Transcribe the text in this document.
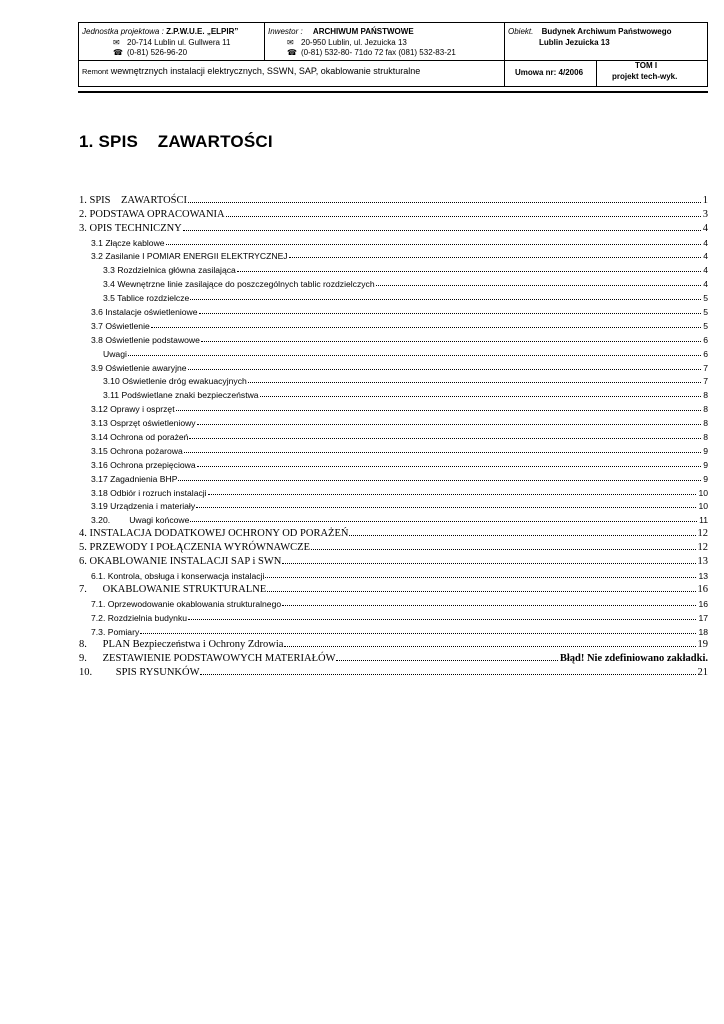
Jednostka projektowa : Z.P.W.U.E. „ELPIR”
✉ 20-714 Lublin ul. Gullwera 11
☎ (0-81) 526-96-20
Inwestor : ARCHIWUM PAŃSTWOWE
✉ 20-950 Lublin, ul. Jezuicka 13
☎ (0-81) 532-80- 71do 72 fax (081) 532-83-21
Obiekt. Budynek Archiwum Państwowego
Lublin Jezuicka 13
Remont wewnętrznych instalacji elektrycznych, SSWN, SAP, okablowanie strukturalne	Umowa nr: 4/2006
TOM I
projekt tech-wyk.
1. SPIS    ZAWARTOŚCI
1. SPIS    ZAWARTOŚCI	1
2. PODSTAWA OPRACOWANIA	3
3. OPIS TECHNICZNY	4
3.1 Złącze kablowe	4
3.2 Zasilanie I POMIAR ENERGII ELEKTRYCZNEJ	4
3.3 Rozdzielnica główna zasilająca	4
3.4 Wewnętrzne linie zasilające do poszczególnych tablic rozdzielczych	4
3.5 Tablice rozdzielcze	5
3.6 Instalacje oświetleniowe	5
3.7 Oświetlenie	5
3.8 Oświetlenie podstawowe	6
Uwagi	6
3.9 Oświetlenie awaryjne	7
3.10 Oświetlenie dróg ewakuacyjnych	7
3.11 Podświetlane znaki bezpieczeństwa	8
3.12 Oprawy i osprzęt	8
3.13 Osprzęt oświetleniowy	8
3.14 Ochrona od porażeń	8
3.15 Ochrona pożarowa	9
3.16 Ochrona przepięciowa	9
3.17 Zagadnienia BHP	9
3.18 Odbiór i rozruch instalacji	10
3.19 Urządzenia i materiały	10
3.20.        Uwagi końcowe	11
4. INSTALACJA DODATKOWEJ OCHRONY OD PORAŻEŃ	12
5. PRZEWODY I POŁĄCZENIA WYRÓWNAWCZE	12
6. OKABLOWANIE INSTALACJI SAP i SWN	13
6.1. Kontrola, obsługa i konserwacja instalacji	13
7.      OKABLOWANIE STRUKTURALNE	16
7.1. Oprzewodowanie okablowania strukturalnego	16
7.2. Rozdzielnia budynku	17
7.3. Pomiary	18
8.      PLAN Bezpieczeństwa i Ochrony Zdrowia	19
9.      ZESTAWIENIE PODSTAWOWYCH MATERIAŁÓW	Błąd! Nie zdefiniowano zakładki.
10.         SPIS RYSUNKÓW	21
